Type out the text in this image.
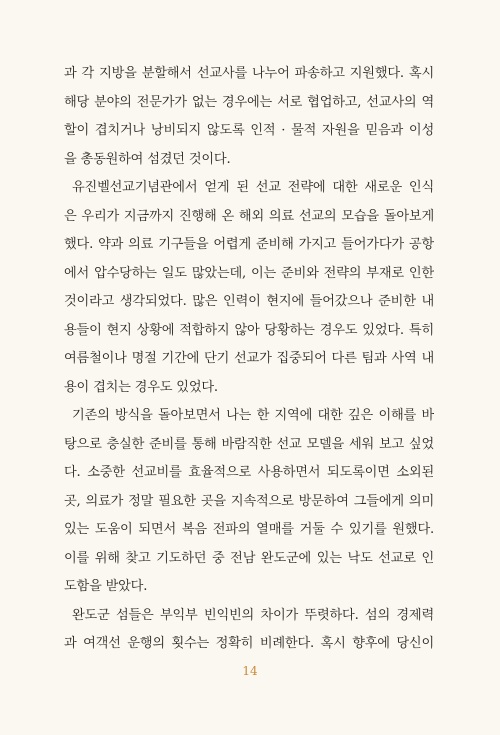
과 각 지방을 분할해서 선교사를 나누어 파송하고 지원했다. 혹시
해당 분야의 전문가가 없는 경우에는 서로 협업하고, 선교사의 역
할이 겹치거나 낭비되지 않도록 인적 · 물적 자원을 믿음과 이성
을 총동원하여 섬겼던 것이다.
유진벨선교기념관에서 얻게 된 선교 전략에 대한 새로운 인식
은 우리가 지금까지 진행해 온 해외 의료 선교의 모습을 돌아보게
했다. 약과 의료 기구들을 어렵게 준비해 가지고 들어가다가 공항
에서 압수당하는 일도 많았는데, 이는 준비와 전략의 부재로 인한
것이라고 생각되었다. 많은 인력이 현지에 들어갔으나 준비한 내
용들이 현지 상황에 적합하지 않아 당황하는 경우도 있었다. 특히
여름철이나 명절 기간에 단기 선교가 집중되어 다른 팀과 사역 내
용이 겹치는 경우도 있었다.
기존의 방식을 돌아보면서 나는 한 지역에 대한 깊은 이해를 바
탕으로 충실한 준비를 통해 바람직한 선교 모델을 세워 보고 싶었
다. 소중한 선교비를 효율적으로 사용하면서 되도록이면 소외된
곳, 의료가 정말 필요한 곳을 지속적으로 방문하여 그들에게 의미
있는 도움이 되면서 복음 전파의 열매를 거둘 수 있기를 원했다.
이를 위해 찾고 기도하던 중 전남 완도군에 있는 낙도 선교로 인
도함을 받았다.
완도군 섬들은 부익부 빈익빈의 차이가 뚜렷하다. 섬의 경제력
과 여객선 운행의 횟수는 정확히 비례한다. 혹시 향후에 당신이
14
